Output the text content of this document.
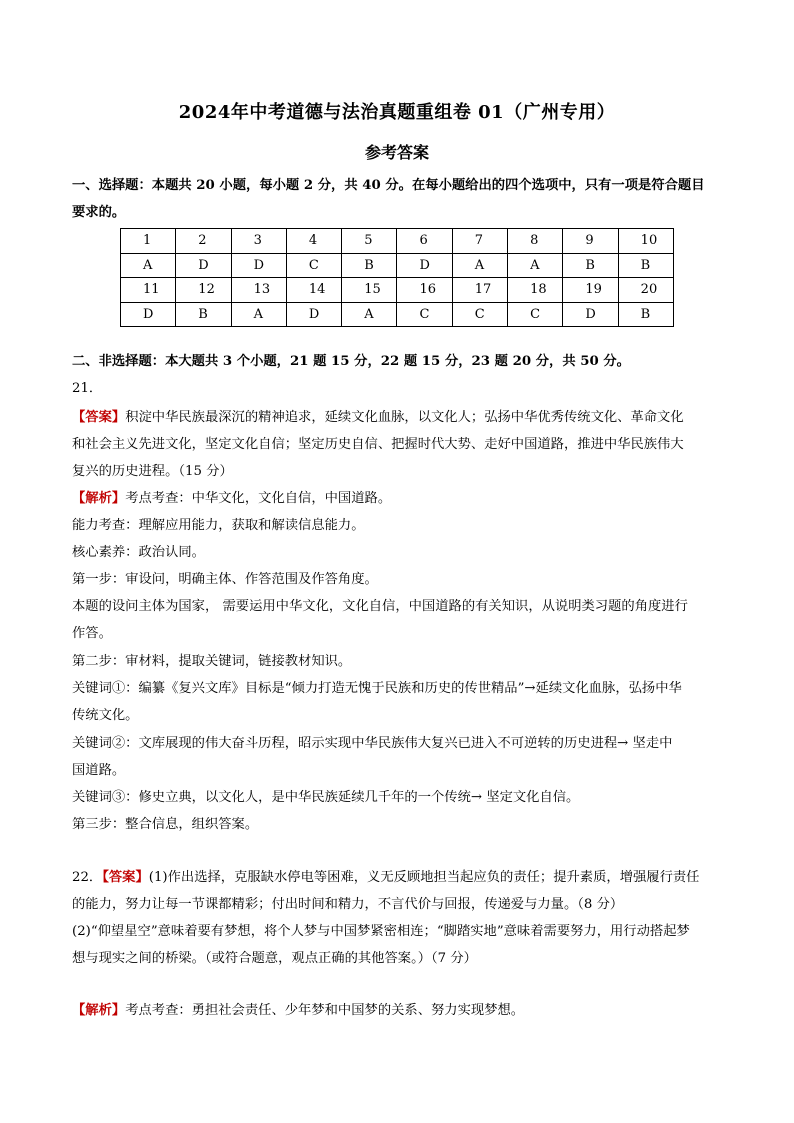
2024年中考道德与法治真题重组卷 01（广州专用）
参考答案
一、选择题：本题共 20 小题，每小题 2 分，共 40 分。在每小题给出的四个选项中，只有一项是符合题目
要求的。
1	2	3	4	5	6	7	8	9	10
A	D	D	C	B	D	A	A	B	B
11	12	13	14	15	16	17	18	19	20
D	B	A	D	A	C	C	C	D	B
二、非选择题：本大题共 3 个小题，21 题 15 分，22 题 15 分，23 题 20 分，共 50 分。
21．
【答案】积淀中华民族最深沉的精神追求，延续文化血脉，以文化人；弘扬中华优秀传统文化、革命文化
和社会主义先进文化，坚定文化自信；坚定历史自信、把握时代大势、走好中国道路，推进中华民族伟大
复兴的历史进程。（15 分）
【解析】考点考查：中华文化，文化自信，中国道路。
能力考查：理解应用能力，获取和解读信息能力。
核心素养：政治认同。
第一步：审设问，明确主体、作答范围及作答角度。
本题的设问主体为国家， 需要运用中华文化，文化自信，中国道路的有关知识，从说明类习题的角度进行
作答。
第二步：审材料，提取关键词，链接教材知识。
关键词①：编纂《复兴文库》目标是“倾力打造无愧于民族和历史的传世精品”→延续文化血脉，弘扬中华
传统文化。
关键词②：文库展现的伟大奋斗历程，昭示实现中华民族伟大复兴已进入不可逆转的历史进程→ 坚走中
国道路。
关键词③：修史立典，以文化人，是中华民族延续几千年的一个传统→ 坚定文化自信。
第三步：整合信息，组织答案。
22．【答案】(1)作出选择，克服缺水停电等困难，义无反顾地担当起应负的责任；提升素质，增强履行责任
的能力，努力让每一节课都精彩；付出时间和精力，不言代价与回报，传递爱与力量。（8 分）
(2)“仰望星空”意味着要有梦想，将个人梦与中国梦紧密相连；“脚踏实地”意味着需要努力，用行动搭起梦
想与现实之间的桥梁。（或符合题意，观点正确的其他答案。）（7 分）
【解析】考点考查：勇担社会责任、少年梦和中国梦的关系、努力实现梦想。
